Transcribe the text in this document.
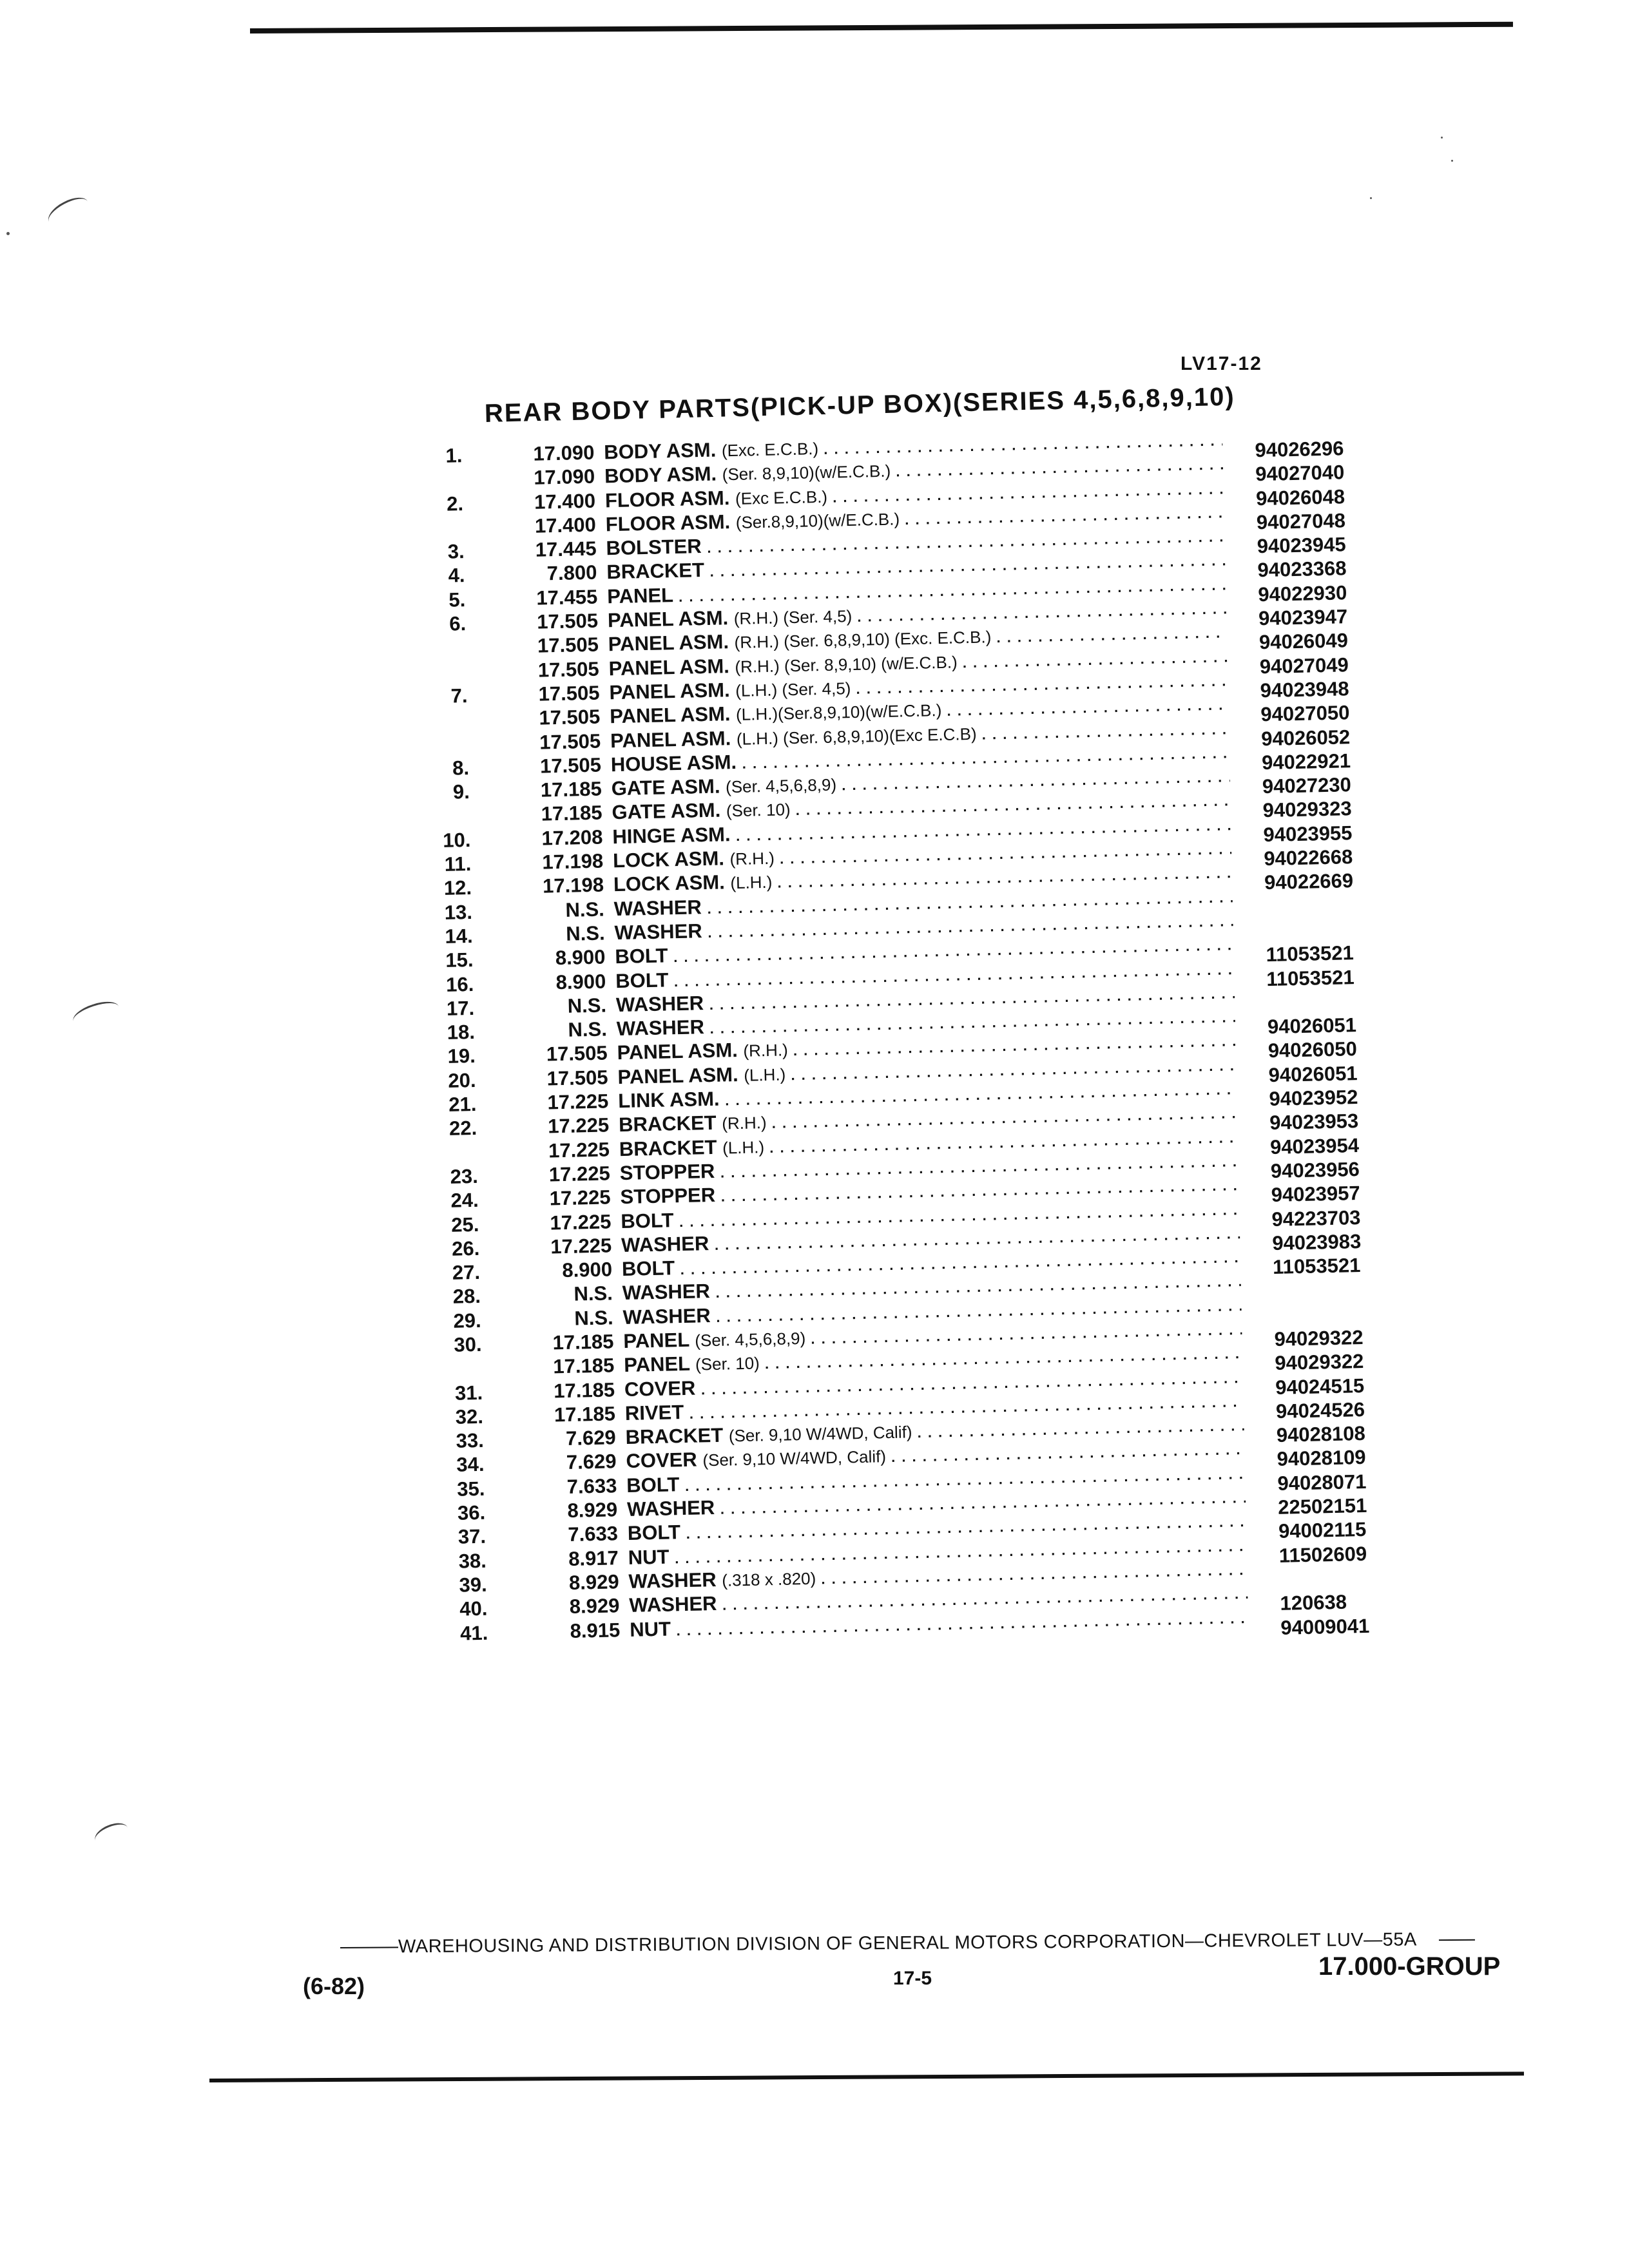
LV17-12
REAR BODY PARTS(PICK-UP BOX)(SERIES 4,5,6,8,9,10)
1.	17.090 BODY ASM. (Exc. E.C.B.) . . .	94026296
17.090 BODY ASM. (Ser. 8,9,10)(w/E.C.B.) . . .	94027040
2.	17.400 FLOOR ASM. (Exc E.C.B.) . . .	94026048
17.400 FLOOR ASM. (Ser.8,9,10)(w/E.C.B.) . . .	94027048
3.	17.445 BOLSTER . . .	94023945
4.	7.800 BRACKET . . .	94023368
5.	17.455 PANEL . . .	94022930
6.	17.505 PANEL ASM. (R.H.) (Ser. 4,5) . . .	94023947
17.505 PANEL ASM. (R.H.) (Ser. 6,8,9,10) (Exc. E.C.B.) . . .	94026049
17.505 PANEL ASM. (R.H.) (Ser. 8,9,10) (w/E.C.B.) . . .	94027049
7.	17.505 PANEL ASM. (L.H.) (Ser. 4,5) . . .	94023948
17.505 PANEL ASM. (L.H.)(Ser.8,9,10)(w/E.C.B.) . . .	94027050
17.505 PANEL ASM. (L.H.) (Ser. 6,8,9,10)(Exc E.C.B) . . .	94026052
8.	17.505 HOUSE ASM. . . .	94022921
9.	17.185 GATE ASM. (Ser. 4,5,6,8,9) . . .	94027230
17.185 GATE ASM. (Ser. 10) . . .	94029323
10.	17.208 HINGE ASM. . . .	94023955
11.	17.198 LOCK ASM. (R.H.) . . .	94022668
12.	17.198 LOCK ASM. (L.H.) . . .	94022669
13.	N.S. WASHER . . .
14.	N.S. WASHER . . .
15.	8.900 BOLT . . .	11053521
16.	8.900 BOLT . . .	11053521
17.	N.S. WASHER . . .
18.	N.S. WASHER . . .	94026051
19.	17.505 PANEL ASM. (R.H.) . . .	94026050
20.	17.505 PANEL ASM. (L.H.) . . .	94026051
21.	17.225 LINK ASM. . . .	94023952
22.	17.225 BRACKET (R.H.) . . .	94023953
17.225 BRACKET (L.H.) . . .	94023954
23.	17.225 STOPPER . . .	94023956
24.	17.225 STOPPER . . .	94023957
25.	17.225 BOLT . . .	94223703
26.	17.225 WASHER . . .	94023983
27.	8.900 BOLT . . .	11053521
28.	N.S. WASHER . . .
29.	N.S. WASHER . . .
30.	17.185 PANEL (Ser. 4,5,6,8,9) . . .	94029322
17.185 PANEL (Ser. 10) . . .	94029322
31.	17.185 COVER . . .	94024515
32.	17.185 RIVET . . .	94024526
33.	7.629 BRACKET (Ser. 9,10 W/4WD, Calif) . . .	94028108
34.	7.629 COVER (Ser. 9,10 W/4WD, Calif) . . .	94028109
35.	7.633 BOLT . . .	94028071
36.	8.929 WASHER . . .	22502151
37.	7.633 BOLT . . .	94002115
38.	8.917 NUT . . .	11502609
39.	8.929 WASHER (.318 x .820) . . .
40.	8.929 WASHER . . .	120638
41.	8.915 NUT . . .	94009041
WAREHOUSING AND DISTRIBUTION DIVISION OF GENERAL MOTORS CORPORATION—CHEVROLET LUV—55A
(6-82)	17-5	17.000-GROUP
